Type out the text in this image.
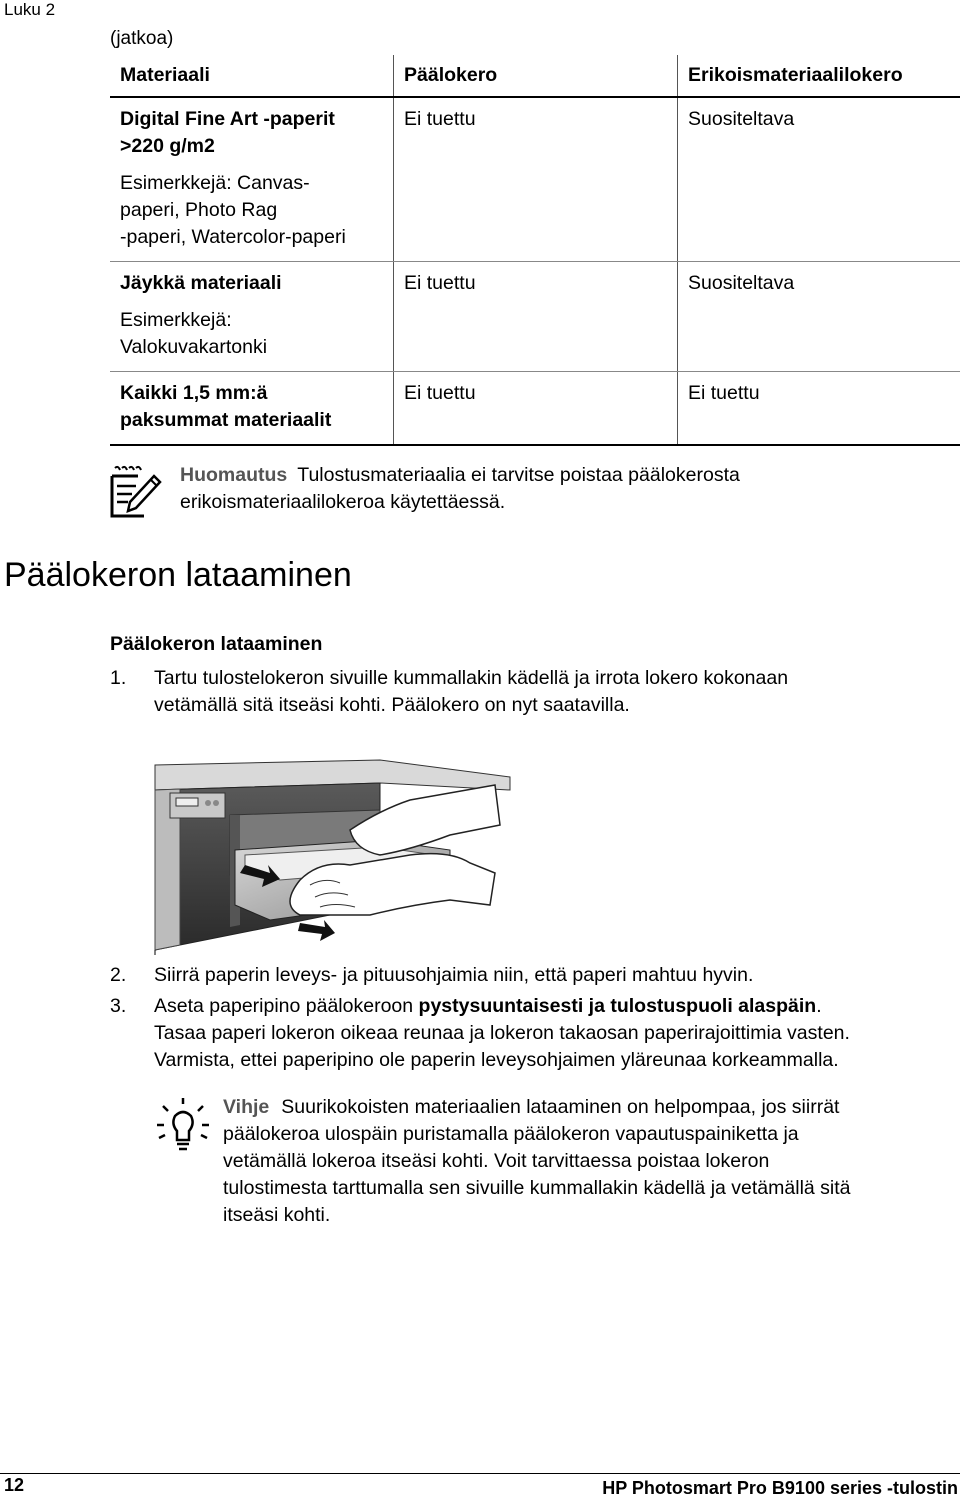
Luku 2
(jatkoa)
Materiaali	Päälokero	Erikoismateriaalilokero

Digital Fine Art -paperit
>220 g/m2
Esimerkkejä: Canvas-
paperi, Photo Rag
-paperi, Watercolor-paperi	Ei tuettu	Suositeltava

Jäykkä materiaali
Esimerkkejä:
Valokuvakartonki	Ei tuettu	Suositeltava

Kaikki 1,5 mm:ä
paksummat materiaalit	Ei tuettu	Ei tuettu
Huomautus Tulostusmateriaalia ei tarvitse poistaa päälokerosta
erikoismateriaalilokeroa käytettäessä.
Päälokeron lataaminen
Päälokeron lataaminen
1. Tartu tulostelokeron sivuille kummallakin kädellä ja irrota lokero kokonaan
vetämällä sitä itseäsi kohti. Päälokero on nyt saatavilla.
2. Siirrä paperin leveys- ja pituusohjaimia niin, että paperi mahtuu hyvin.
3. Aseta paperipino päälokeroon pystysuuntaisesti ja tulostuspuoli alaspäin.
Tasaa paperi lokeron oikeaa reunaa ja lokeron takaosan paperirajoittimia vasten.
Varmista, ettei paperipino ole paperin leveysohjaimen yläreunaa korkeammalla.
Vihje Suurikokoisten materiaalien lataaminen on helpompaa, jos siirrät
päälokeroa ulospäin puristamalla päälokeron vapautuspainiketta ja
vetämällä lokeroa itseäsi kohti. Voit tarvittaessa poistaa lokeron
tulostimesta tarttumalla sen sivuille kummallakin kädellä ja vetämällä sitä
itseäsi kohti.
12	HP Photosmart Pro B9100 series -tulostin
